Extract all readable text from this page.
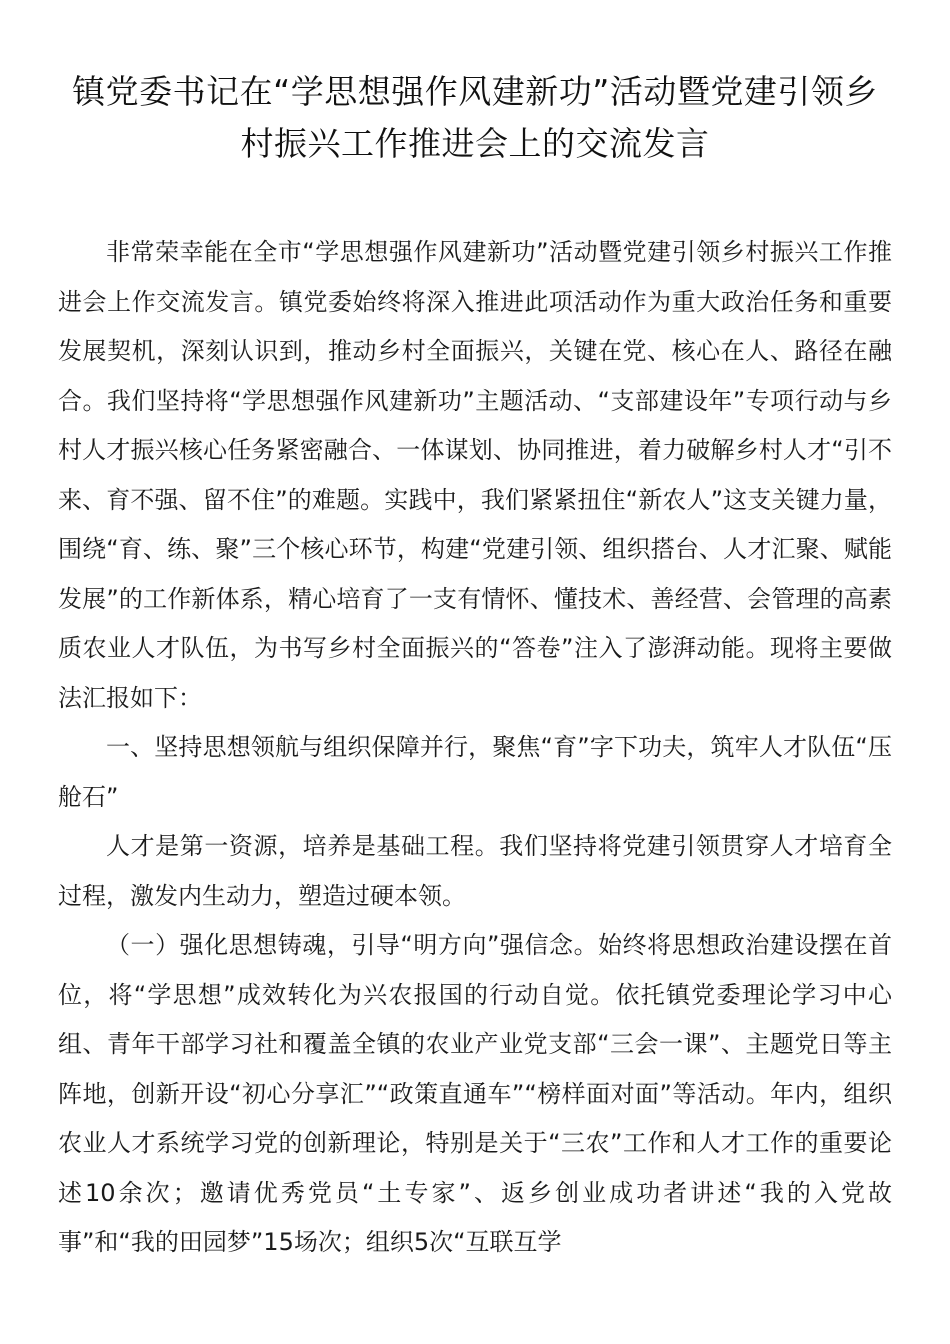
镇党委书记在“学思想强作风建新功”活动暨党建引领乡村振兴工作推进会上的交流发言

非常荣幸能在全市“学思想强作风建新功”活动暨党建引领乡村振兴工作推进会上作交流发言。镇党委始终将深入推进此项活动作为重大政治任务和重要发展契机，深刻认识到，推动乡村全面振兴，关键在党、核心在人、路径在融合。我们坚持将“学思想强作风建新功”主题活动、“支部建设年”专项行动与乡村人才振兴核心任务紧密融合、一体谋划、协同推进，着力破解乡村人才“引不来、育不强、留不住”的难题。实践中，我们紧紧扭住“新农人”这支关键力量，围绕“育、练、聚”三个核心环节，构建“党建引领、组织搭台、人才汇聚、赋能发展”的工作新体系，精心培育了一支有情怀、懂技术、善经营、会管理的高素质农业人才队伍，为书写乡村全面振兴的“答卷”注入了澎湃动能。现将主要做法汇报如下：

一、坚持思想领航与组织保障并行，聚焦“育”字下功夫，筑牢人才队伍“压舱石”

人才是第一资源，培养是基础工程。我们坚持将党建引领贯穿人才培育全过程，激发内生动力，塑造过硬本领。

（一）强化思想铸魂，引导“明方向”强信念。始终将思想政治建设摆在首位，将“学思想”成效转化为兴农报国的行动自觉。依托镇党委理论学习中心组、青年干部学习社和覆盖全镇的农业产业党支部“三会一课”、主题党日等主阵地，创新开设“初心分享汇”“政策直通车”“榜样面对面”等活动。年内，组织农业人才系统学习党的创新理论，特别是关于“三农”工作和人才工作的重要论述10余次；邀请优秀党员“土专家”、返乡创业成功者讲述“我的入党故事”和“我的田园梦”15场次；组织5次“互联互学
